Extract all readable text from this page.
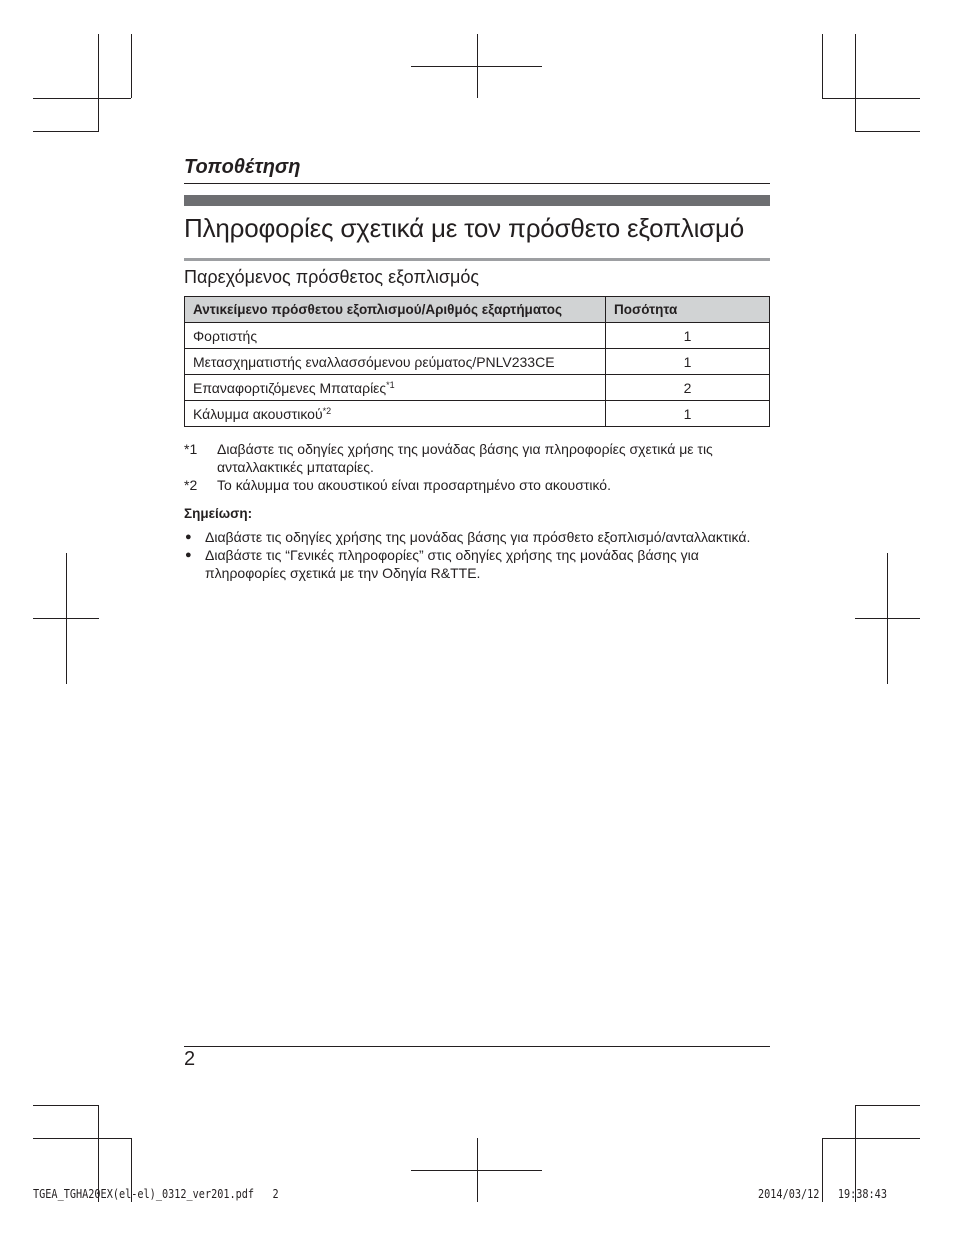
Τοποθέτηση
Πληροφορίες σχετικά με τον πρόσθετο εξοπλισμό
Παρεχόμενος πρόσθετος εξοπλισμός
Αντικείμενο πρόσθετου εξοπλισμού/Αριθμός εξαρτήματος	Ποσότητα
Φορτιστής	1
Μετασχηματιστής εναλλασσόμενου ρεύματος/PNLV233CE	1
Επαναφορτιζόμενες Μπαταρίες$^{*1}$	2
Κάλυμμα ακουστικού$^{*2}$	1
*1	Διαβάστε τις οδηγίες χρήσης της μονάδας βάσης για πληροφορίες σχετικά με τις ανταλλακτικές μπαταρίες.
*2	Το κάλυμμα του ακουστικού είναι προσαρτημένο στο ακουστικό.
Σημείωση:
● Διαβάστε τις οδηγίες χρήσης της μονάδας βάσης για πρόσθετο εξοπλισμό/ανταλλακτικά.
● Διαβάστε τις “Γενικές πληροφορίες” στις οδηγίες χρήσης της μονάδας βάσης για πληροφορίες σχετικά με την Οδηγία R&TTE.
2
TGEA_TGHA20EX(el-el)_0312_ver201.pdf   2	2014/03/12   19:38:43
